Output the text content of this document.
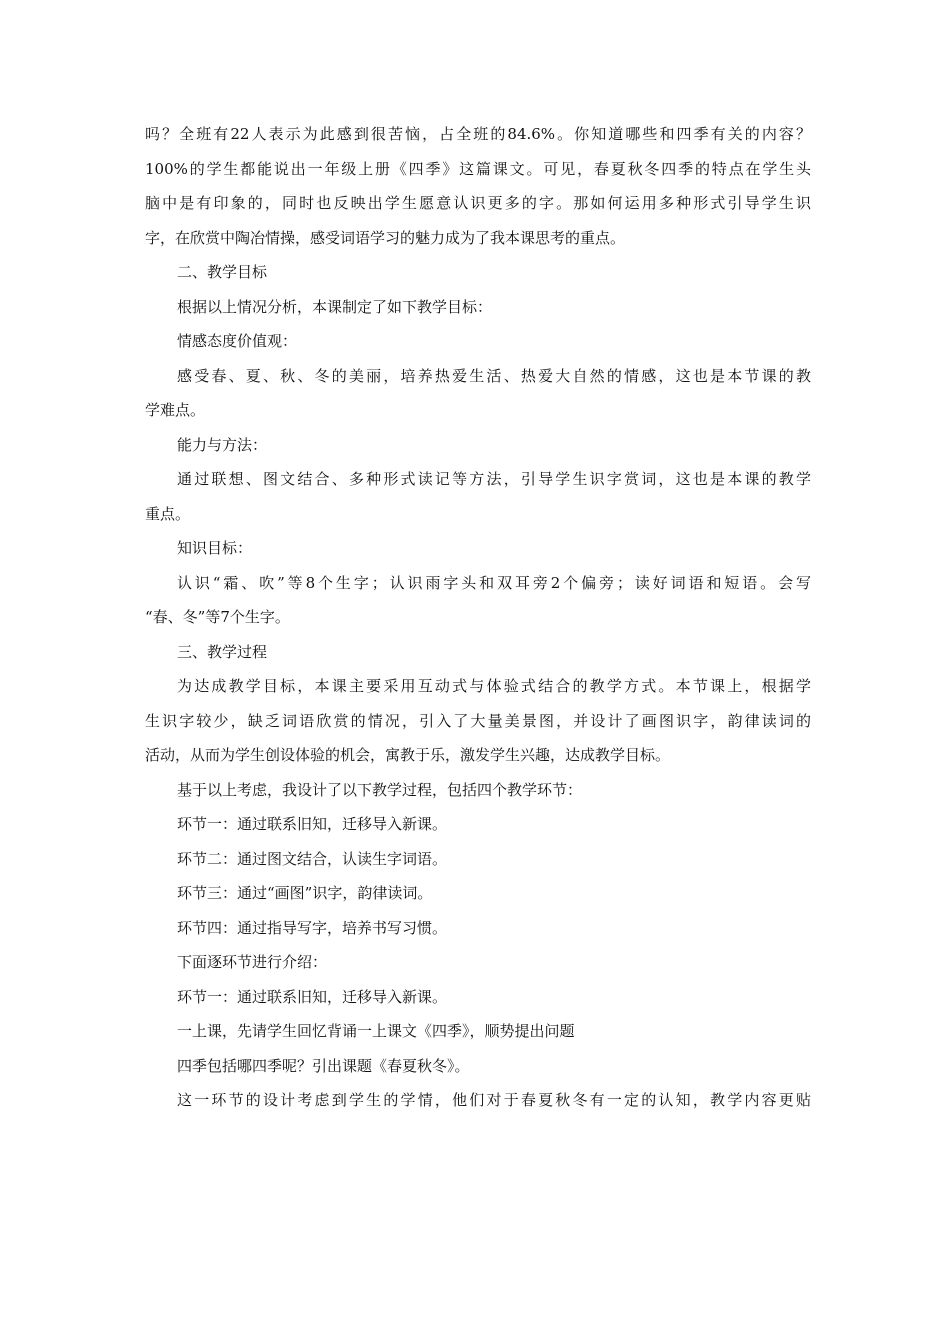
吗？全班有22人表示为此感到很苦恼，占全班的84.6%。你知道哪些和四季有关的内容？

100%的学生都能说出一年级上册《四季》这篇课文。可见，春夏秋冬四季的特点在学生头

脑中是有印象的，同时也反映出学生愿意认识更多的字。那如何运用多种形式引导学生识

字，在欣赏中陶冶情操，感受词语学习的魅力成为了我本课思考的重点。

二、教学目标

根据以上情况分析，本课制定了如下教学目标：

情感态度价值观：

感受春、夏、秋、冬的美丽，培养热爱生活、热爱大自然的情感，这也是本节课的教

学难点。

能力与方法：

通过联想、图文结合、多种形式读记等方法，引导学生识字赏词，这也是本课的教学

重点。

知识目标：

认识“霜、吹”等8个生字；认识雨字头和双耳旁2个偏旁；读好词语和短语。会写

“春、冬”等7个生字。

三、教学过程

为达成教学目标，本课主要采用互动式与体验式结合的教学方式。本节课上，根据学

生识字较少，缺乏词语欣赏的情况，引入了大量美景图，并设计了画图识字，韵律读词的

活动，从而为学生创设体验的机会，寓教于乐，激发学生兴趣，达成教学目标。

基于以上考虑，我设计了以下教学过程，包括四个教学环节：

环节一：通过联系旧知，迁移导入新课。

环节二：通过图文结合，认读生字词语。

环节三：通过“画图”识字，韵律读词。

环节四：通过指导写字，培养书写习惯。

下面逐环节进行介绍：

环节一：通过联系旧知，迁移导入新课。

一上课，先请学生回忆背诵一上课文《四季》，顺势提出问题

四季包括哪四季呢？引出课题《春夏秋冬》。

这一环节的设计考虑到学生的学情，他们对于春夏秋冬有一定的认知，教学内容更贴
